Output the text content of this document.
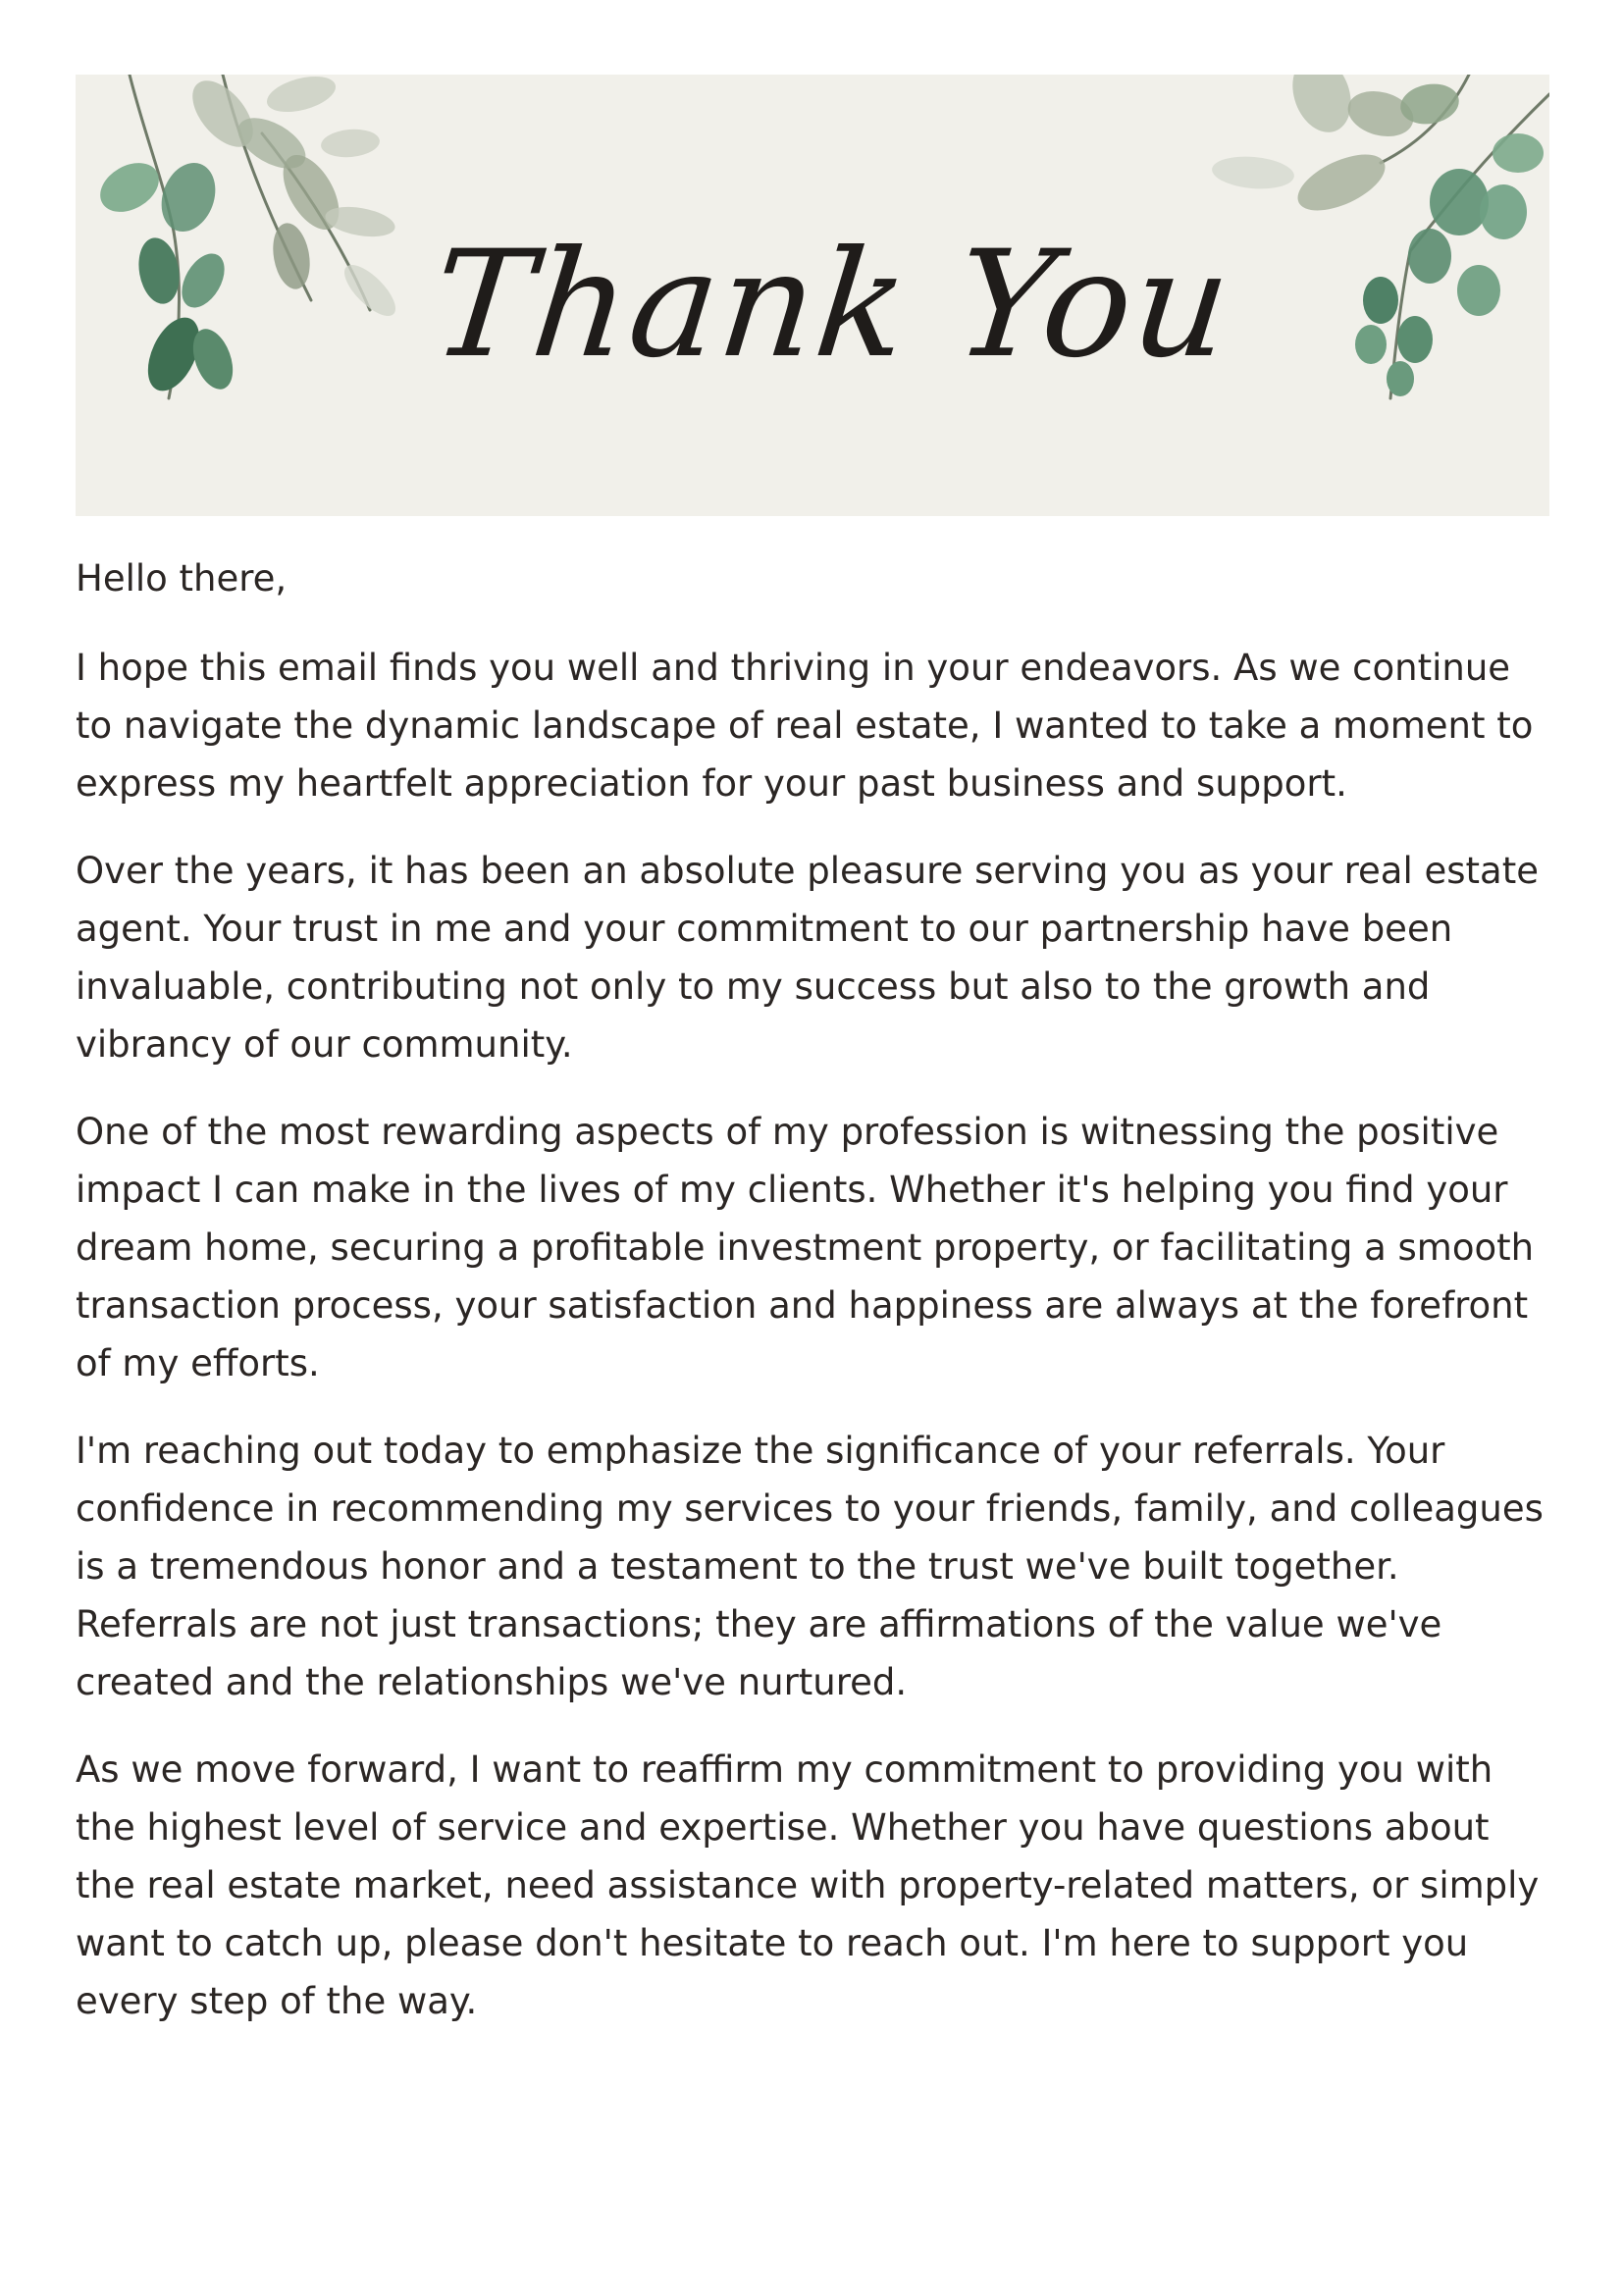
Thank You

Hello there,

I hope this email finds you well and thriving in your endeavors. As we continue to navigate the dynamic landscape of real estate, I wanted to take a moment to express my heartfelt appreciation for your past business and support.

Over the years, it has been an absolute pleasure serving you as your real estate agent. Your trust in me and your commitment to our partnership have been invaluable, contributing not only to my success but also to the growth and vibrancy of our community.

One of the most rewarding aspects of my profession is witnessing the positive impact I can make in the lives of my clients. Whether it's helping you find your dream home, securing a profitable investment property, or facilitating a smooth transaction process, your satisfaction and happiness are always at the forefront of my efforts.

I'm reaching out today to emphasize the significance of your referrals. Your confidence in recommending my services to your friends, family, and colleagues is a tremendous honor and a testament to the trust we've built together. Referrals are not just transactions; they are affirmations of the value we've created and the relationships we've nurtured.

As we move forward, I want to reaffirm my commitment to providing you with the highest level of service and expertise. Whether you have questions about the real estate market, need assistance with property-related matters, or simply want to catch up, please don't hesitate to reach out. I'm here to support you every step of the way.
